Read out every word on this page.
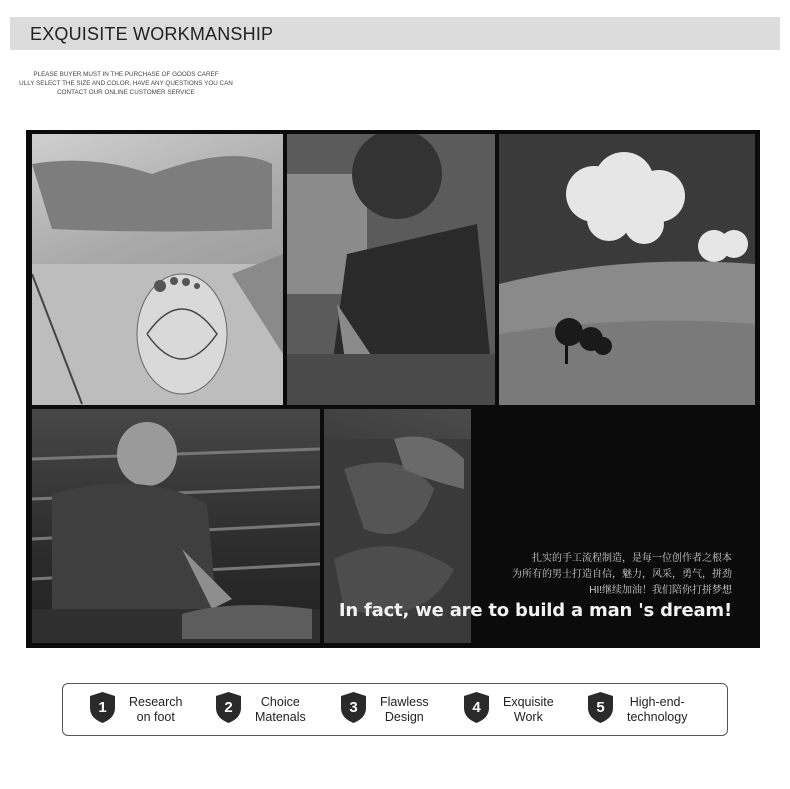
EXQUISITE WORKMANSHIP
PLEASE BUYER MUST IN THE PURCHASE OF GOODS CAREF
ULLY SELECT THE SIZE AND COLOR. HAVE ANY QUESTIONS YOU CAN
CONTACT OUR ONLINE CUSTOMER SERVICE
扎实的手工流程制造，是每一位创作者之根本
为所有的男士打造自信，魅力，风采，勇气，拼劲
HI!继续加油！我们陪你打拼梦想
In fact, we are to build a man 's dream!
1	Research
on foot
2	Choice
Matenals
3	Flawless
Design
4	Exquisite
Work
5	High-end-
technology
